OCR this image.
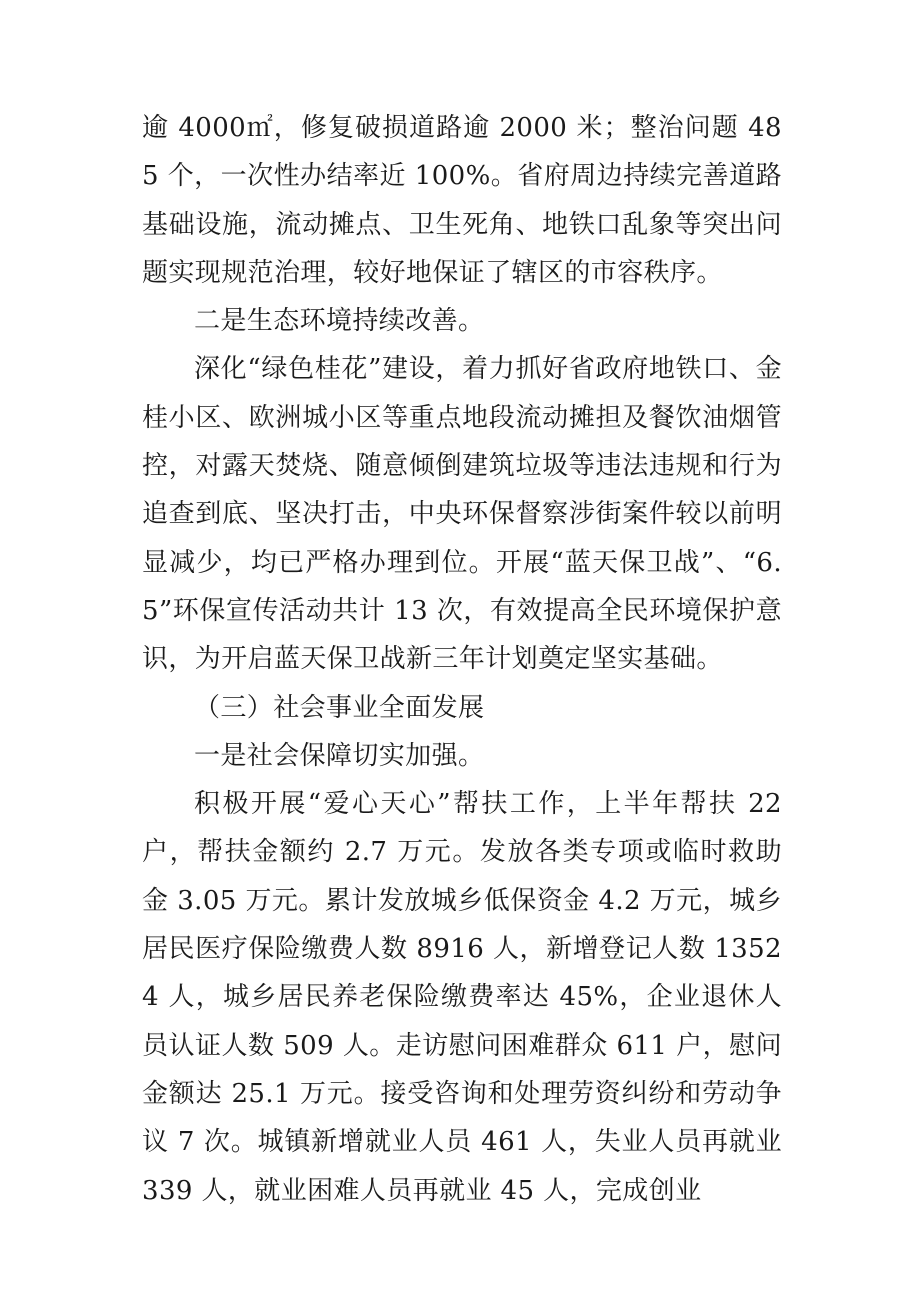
逾 4000㎡，修复破损道路逾 2000 米；整治问题 485 个，一次性办结率近 100%。省府周边持续完善道路基础设施，流动摊点、卫生死角、地铁口乱象等突出问题实现规范治理，较好地保证了辖区的市容秩序。

二是生态环境持续改善。

深化“绿色桂花”建设，着力抓好省政府地铁口、金桂小区、欧洲城小区等重点地段流动摊担及餐饮油烟管控，对露天焚烧、随意倾倒建筑垃圾等违法违规和行为追查到底、坚决打击，中央环保督察涉街案件较以前明显减少，均已严格办理到位。开展“蓝天保卫战”、“6.5”环保宣传活动共计 13 次，有效提高全民环境保护意识，为开启蓝天保卫战新三年计划奠定坚实基础。

（三）社会事业全面发展

一是社会保障切实加强。

积极开展“爱心天心”帮扶工作，上半年帮扶 22 户，帮扶金额约 2.7 万元。发放各类专项或临时救助金 3.05 万元。累计发放城乡低保资金 4.2 万元，城乡居民医疗保险缴费人数 8916 人，新增登记人数 13524 人，城乡居民养老保险缴费率达 45%，企业退休人员认证人数 509 人。走访慰问困难群众 611 户，慰问金额达 25.1 万元。接受咨询和处理劳资纠纷和劳动争议 7 次。城镇新增就业人员 461 人，失业人员再就业 339 人，就业困难人员再就业 45 人，完成创业
